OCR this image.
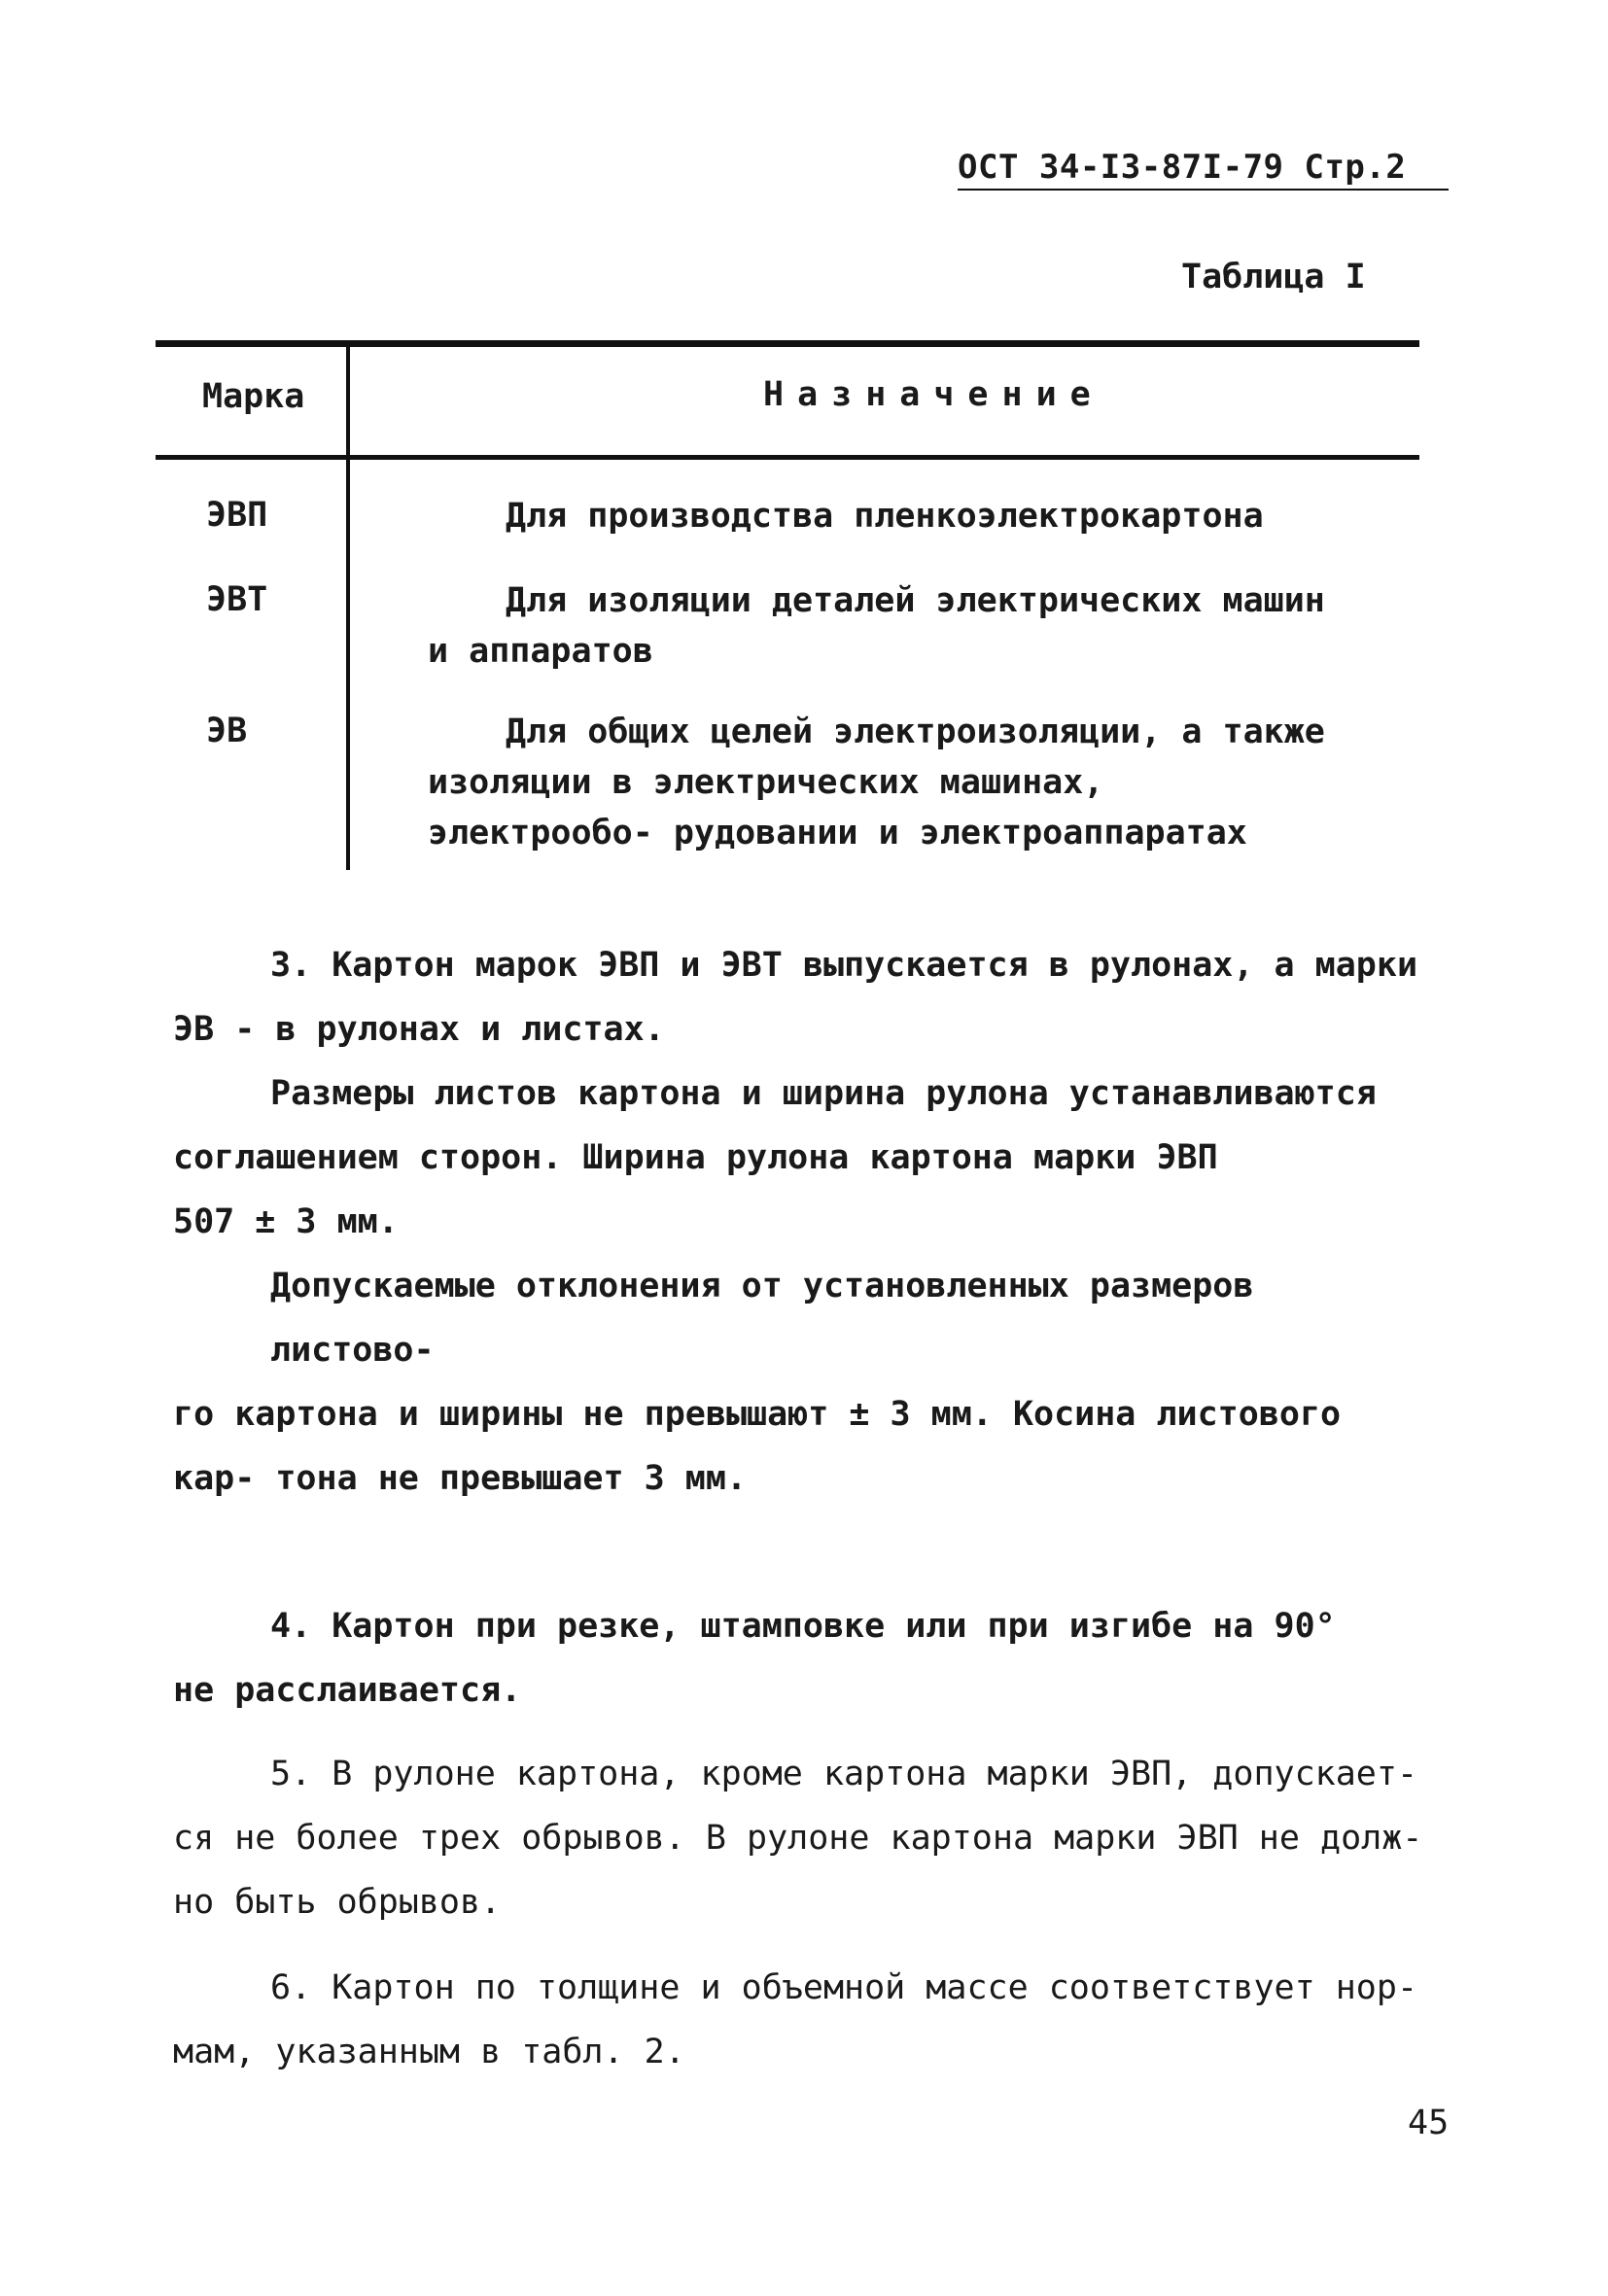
ОСТ 34-I3-87I-79 Стр.2
Таблица I
Марка	Назначение
ЭВП	Для производства пленкоэлектрокартона
ЭВТ	Для изоляции деталей электрических машин
и аппаратов
ЭВ	Для общих целей электроизоляции, а также
изоляции в электрических машинах, электрообо- рудовании и электроаппаратах
3. Картон марок ЭВП и ЭВТ выпускается в рулонах, а марки
ЭВ - в рулонах и листах.
Размеры листов картона и ширина рулона устанавливаются
соглашением сторон. Ширина рулона картона марки ЭВП 507 ± 3 мм.
Допускаемые отклонения от установленных размеров листово-
го картона и ширины не превышают ± 3 мм. Косина листового кар- тона не превышает 3 мм.
4. Картон при резке, штамповке или при изгибе на 90°
не расслаивается.
5. В рулоне картона, кроме картона марки ЭВП, допускает-
ся не более трех обрывов. В рулоне картона марки ЭВП не долж- но быть обрывов.
6. Картон по толщине и объемной массе соответствует нор-
мам, указанным в табл. 2.
45
